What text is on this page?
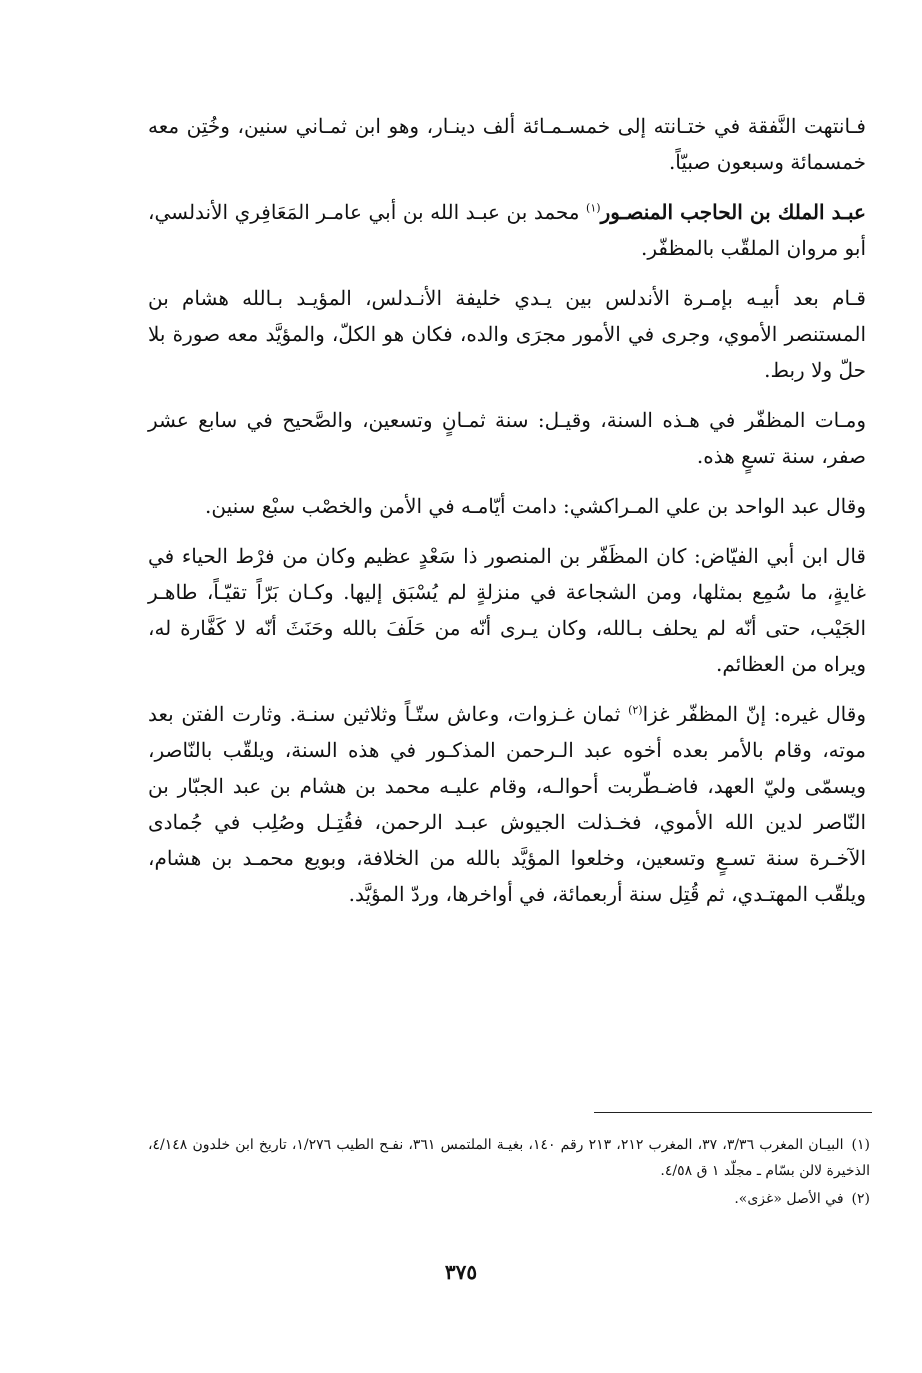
فـانتهت النَّفقة في ختـانته إلى خمسـمـائة ألف دينـار، وهو ابن ثمـاني سنين، وخُتِن معه خمسمائة وسبعون صبيّاً.

عبـد الملك بن الحاجب المنصـور$^{(١)}$ محمد بن عبـد الله بن أبي عامـر المَعَافِري الأندلسي، أبو مروان الملقّب بالمظفّر.

قـام بعد أبيـه بإمـرة الأندلس بين يـدي خليفة الأنـدلس، المؤيـد بـالله هشام بن المستنصر الأموي، وجرى في الأمور مجرَى والده، فكان هو الكلّ، والمؤيَّد معه صورة بلا حلّ ولا ربط.

ومـات المظفّر في هـذه السنة، وقيـل: سنة ثمـانٍ وتسعين، والصَّحيح في سابع عشر صفر، سنة تسعٍ هذه.

وقال عبد الواحد بن علي المـراكشي: دامت أيّامـه في الأمن والخصْب سبْع سنين.

قال ابن أبي الفيّاض: كان المظَفّر بن المنصور ذا سَعْدٍ عظيم وكان من فرْط الحياء في غايةٍ، ما سُمِع بمثلها، ومن الشجاعة في منزلةٍ لم يُسْبَق إليها. وكـان بَرّاً تقيّـاً، طاهـر الجَيْب، حتى أنّه لم يحلف بـالله، وكان يـرى أنّه من حَلَفَ بالله وحَنَثَ أنّه لا كَفَّارة له، ويراه من العظائم.

وقال غيره: إنّ المظفّر غزا$^{(٢)}$ ثمان غـزوات، وعاش ستّـاً وثلاثين سنـة. وثارت الفتن بعد موته، وقام بالأمر بعده أخوه عبد الـرحمن المذكـور في هذه السنة، ويلقّب بالنّاصر، ويسمّى وليّ العهد، فاضـطّربت أحوالـه، وقام عليـه محمد بن هشام بن عبد الجبّار بن النّاصر لدين الله الأموي، فخـذلت الجيوش عبـد الرحمن، فقُتِـل وصُلِب في جُمادى الآخـرة سنة تسـعٍ وتسعين، وخلعوا المؤيَّد بالله من الخلافة، وبويع محمـد بن هشام، ويلقّب المهتـدي، ثم قُتِل سنة أربعمائة، في أواخرها، وردّ المؤيَّد.

(١)البيـان المغرب ٣/٣٦، ٣٧، المغرب ٢١٢، ٢١٣ رقم ١٤٠، بغيـة الملتمس ٣٦١، نفـح الطيب ١/٢٧٦، تاريخ ابن خلدون ٤/١٤٨، الذخيرة لالن بسّام ـ مجلّد ١ ق ٤/٥٨.

(٢)في الأصل «غزى».

٣٧٥
